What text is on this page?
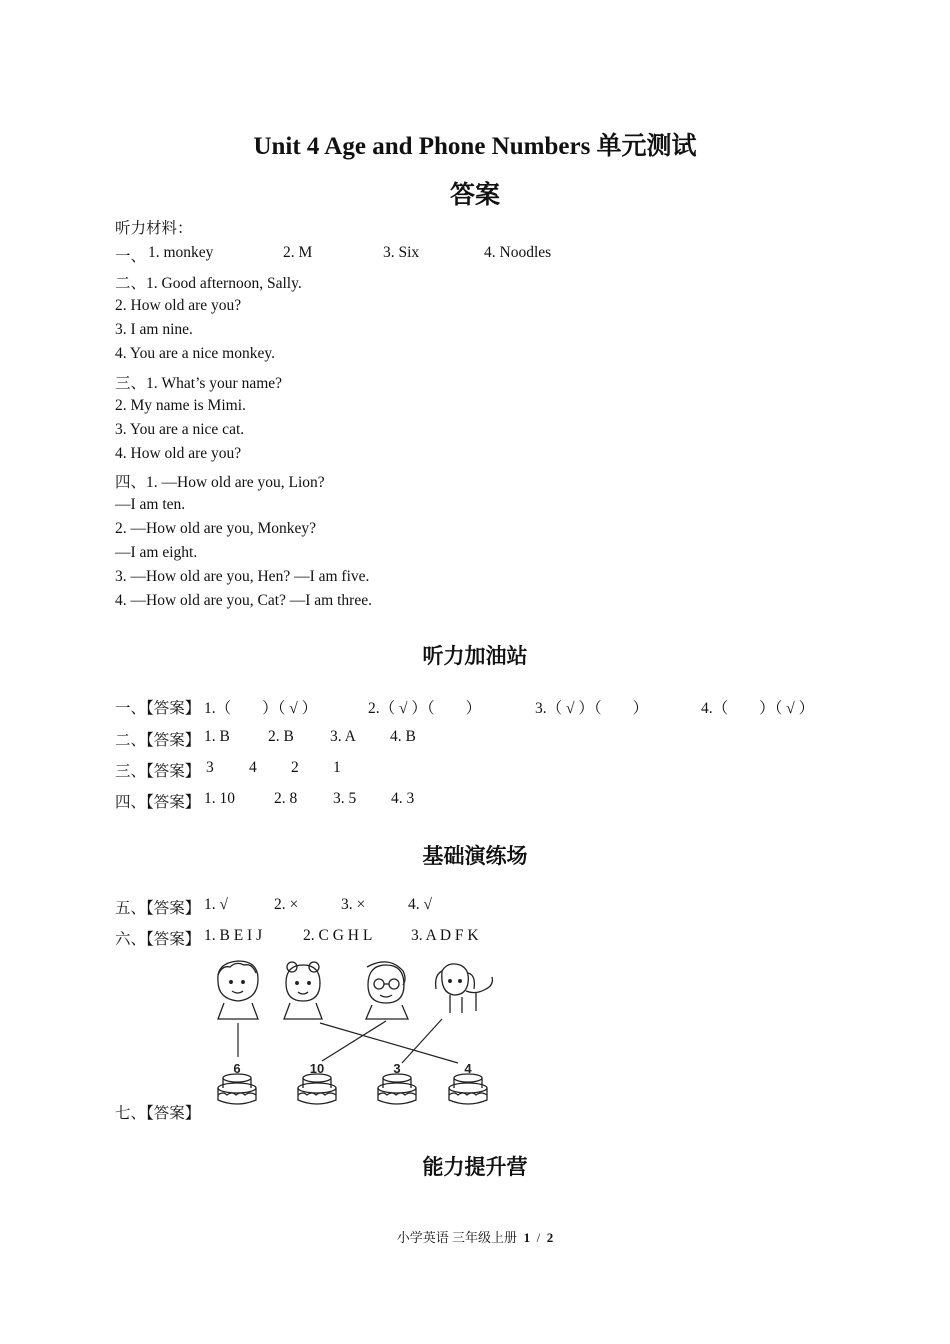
Unit 4 Age and Phone Numbers 单元测试
答案
听力材料：
一、 1. monkey	2. M	3. Six	4. Noodles
二、1. Good afternoon, Sally.
2. How old are you?
3. I am nine.
4. You are a nice monkey.
三、1. What’s your name?
2. My name is Mimi.
3. You are a nice cat.
4. How old are you?
四、1. —How old are you, Lion?
—I am ten.
2. —How old are you, Monkey?
—I am eight.
3. —How old are you, Hen? —I am five.
4. —How old are you, Cat? —I am three.
听力加油站
一、【答案】 1.（　　）（ √ ）	2.（ √ ）（　　）	3.（ √ ）（　　）	4.（　　）（ √ ）
二、【答案】 1. B 2. B 3. A 4. B
三、【答案】 3 4 2 1
四、【答案】 1. 10	2. 8 3. 5 4. 3
基础演练场
五、【答案】 1. √	2. ×	3. ×	4. √
六、【答案】 1. B E I J	2. C G H L 3. A D F K
七、【答案】
6	10	3	4
能力提升营
小学英语 三年级上册 1 / 2
